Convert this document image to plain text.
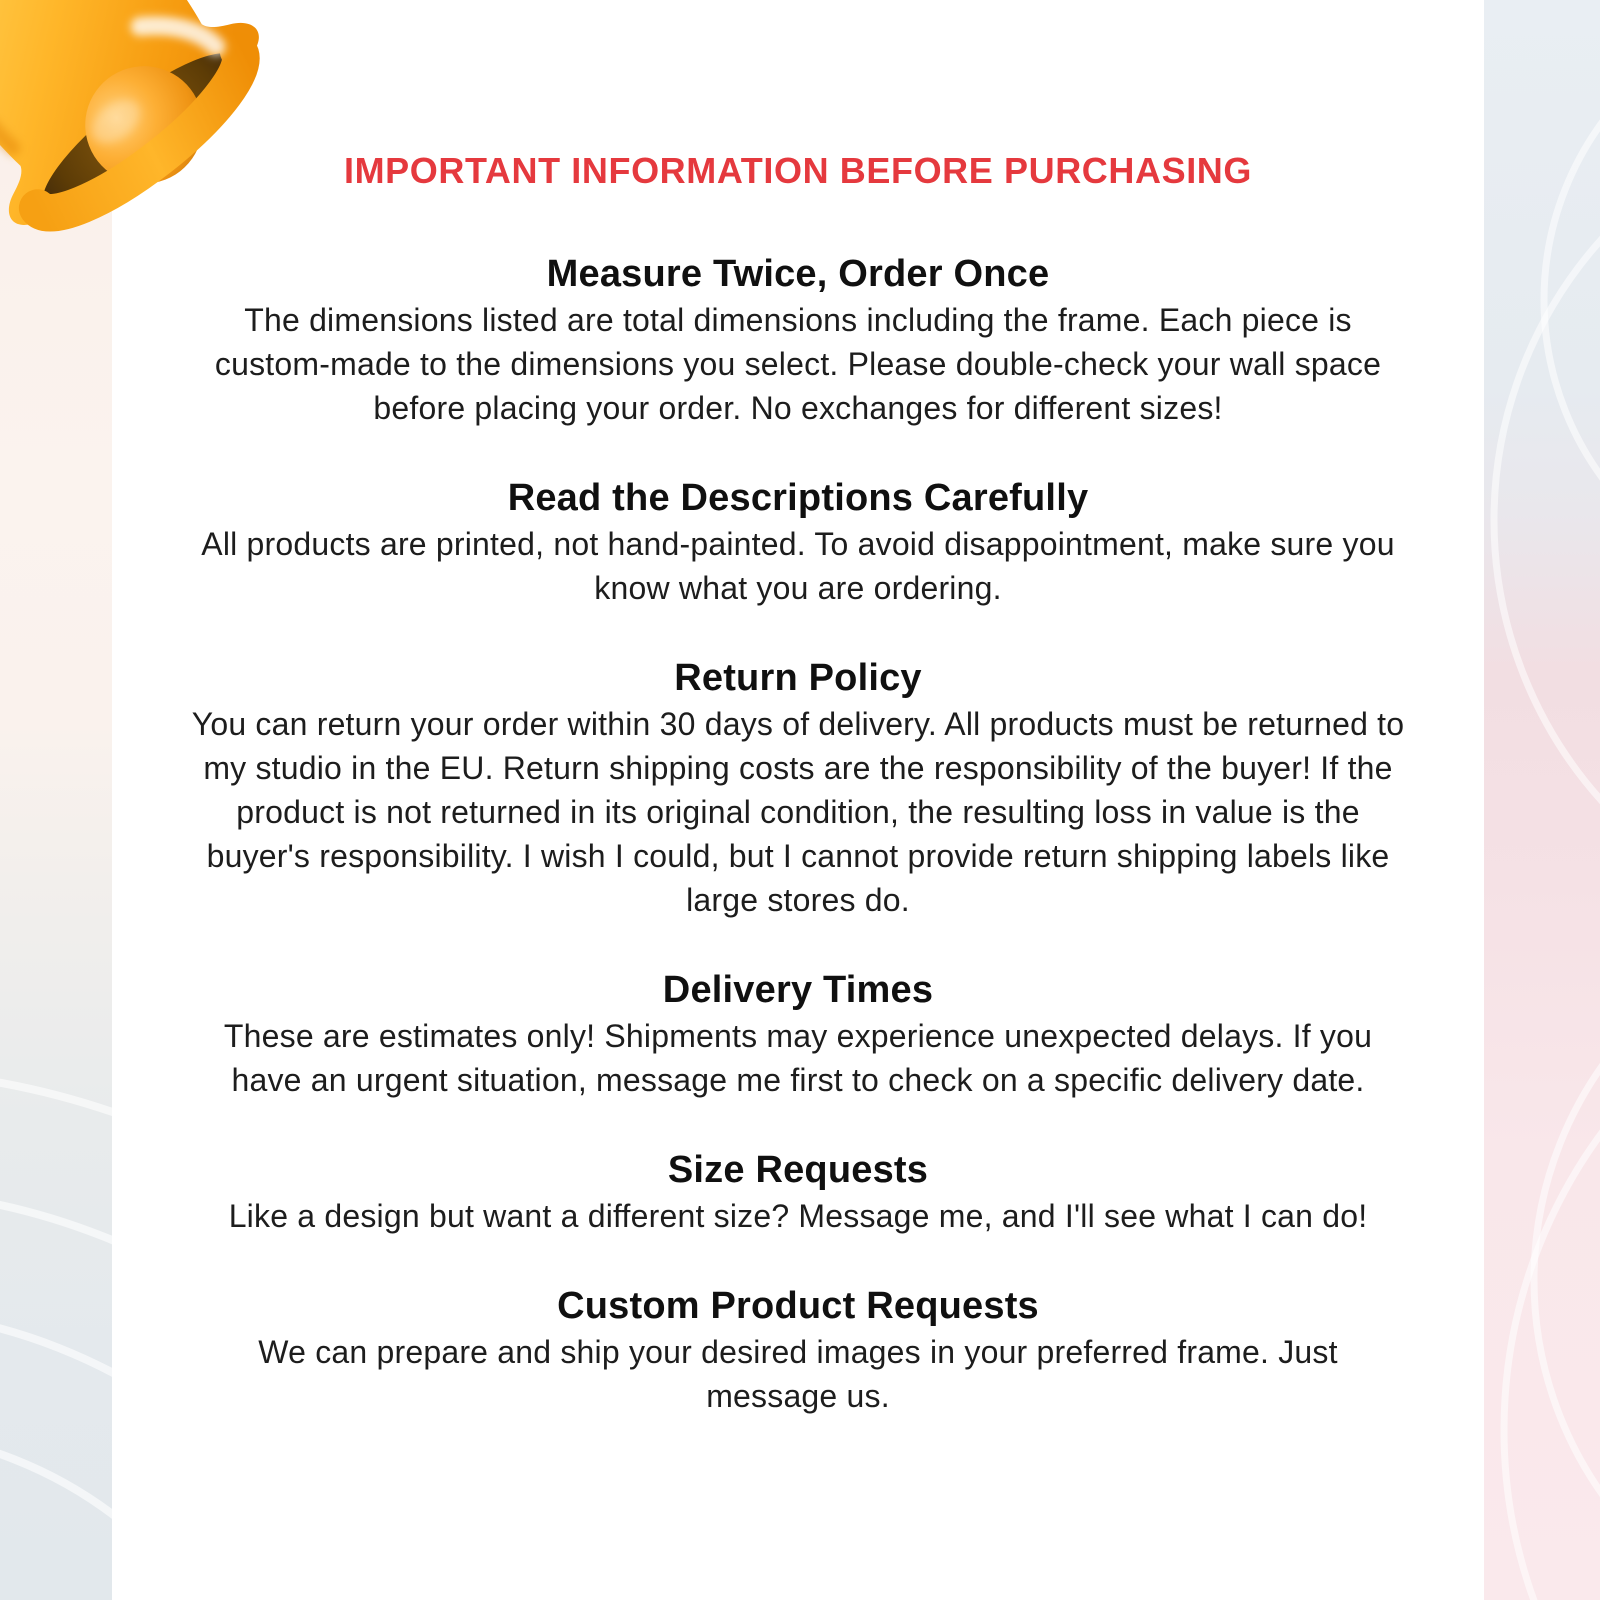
IMPORTANT INFORMATION BEFORE PURCHASING
Measure Twice, Order Once

The dimensions listed are total dimensions including the frame. Each piece is custom-made to the dimensions you select. Please double-check your wall space before placing your order. No exchanges for different sizes!

Read the Descriptions Carefully

All products are printed, not hand-painted. To avoid disappointment, make sure you know what you are ordering.

Return Policy

You can return your order within 30 days of delivery. All products must be returned to my studio in the EU. Return shipping costs are the responsibility of the buyer! If the product is not returned in its original condition, the resulting loss in value is the buyer's responsibility. I wish I could, but I cannot provide return shipping labels like large stores do.

Delivery Times

These are estimates only! Shipments may experience unexpected delays. If you have an urgent situation, message me first to check on a specific delivery date.

Size Requests

Like a design but want a different size? Message me, and I'll see what I can do!

Custom Product Requests

We can prepare and ship your desired images in your preferred frame. Just message us.
